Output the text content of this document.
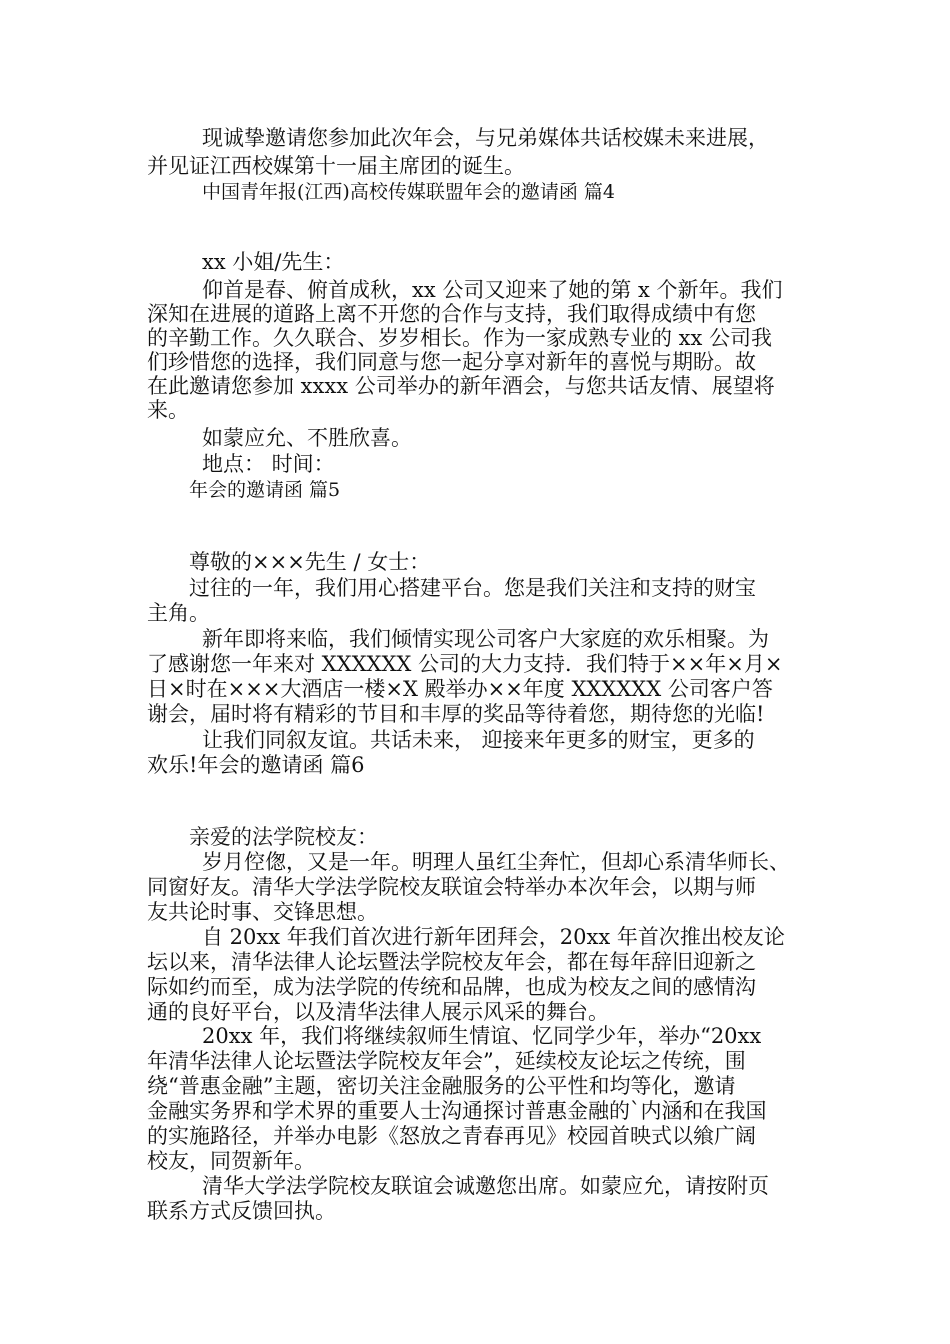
现诚挚邀请您参加此次年会，与兄弟媒体共话校媒未来进展，
并见证江西校媒第十一届主席团的诞生。
中国青年报(江西)高校传媒联盟年会的邀请函 篇4
xx 小姐/先生：
仰首是春、俯首成秋，xx 公司又迎来了她的第 x 个新年。我们
深知在进展的道路上离不开您的合作与支持，我们取得成绩中有您
的辛勤工作。久久联合、岁岁相长。作为一家成熟专业的 xx 公司我
们珍惜您的选择，我们同意与您一起分享对新年的喜悦与期盼。故
在此邀请您参加 xxxx 公司举办的新年酒会，与您共话友情、展望将
来。
如蒙应允、不胜欣喜。
地点： 时间：
年会的邀请函 篇5
尊敬的×××先生 / 女士：
过往的一年，我们用心搭建平台。您是我们关注和支持的财宝
主角。
新年即将来临，我们倾情实现公司客户大家庭的欢乐相聚。为
了感谢您一年来对 XXXXXX 公司的大力支持．我们特于××年×月×
日×时在×××大酒店一楼×X 殿举办××年度 XXXXXX 公司客户答
谢会，届时将有精彩的节目和丰厚的奖品等待着您，期待您的光临!
让我们同叙友谊。共话未来， 迎接来年更多的财宝，更多的
欢乐!年会的邀请函 篇6
亲爱的法学院校友：
岁月倥偬，又是一年。明理人虽红尘奔忙，但却心系清华师长、
同窗好友。清华大学法学院校友联谊会特举办本次年会，以期与师
友共论时事、交锋思想。
自 20xx 年我们首次进行新年团拜会，20xx 年首次推出校友论
坛以来，清华法律人论坛暨法学院校友年会，都在每年辞旧迎新之
际如约而至，成为法学院的传统和品牌，也成为校友之间的感情沟
通的良好平台，以及清华法律人展示风采的舞台。
20xx 年，我们将继续叙师生情谊、忆同学少年，举办“20xx
年清华法律人论坛暨法学院校友年会”，延续校友论坛之传统，围
绕“普惠金融”主题，密切关注金融服务的公平性和均等化，邀请
金融实务界和学术界的重要人士沟通探讨普惠金融的`内涵和在我国
的实施路径，并举办电影《怒放之青春再见》校园首映式以飨广阔
校友，同贺新年。
清华大学法学院校友联谊会诚邀您出席。如蒙应允，请按附页
联系方式反馈回执。
